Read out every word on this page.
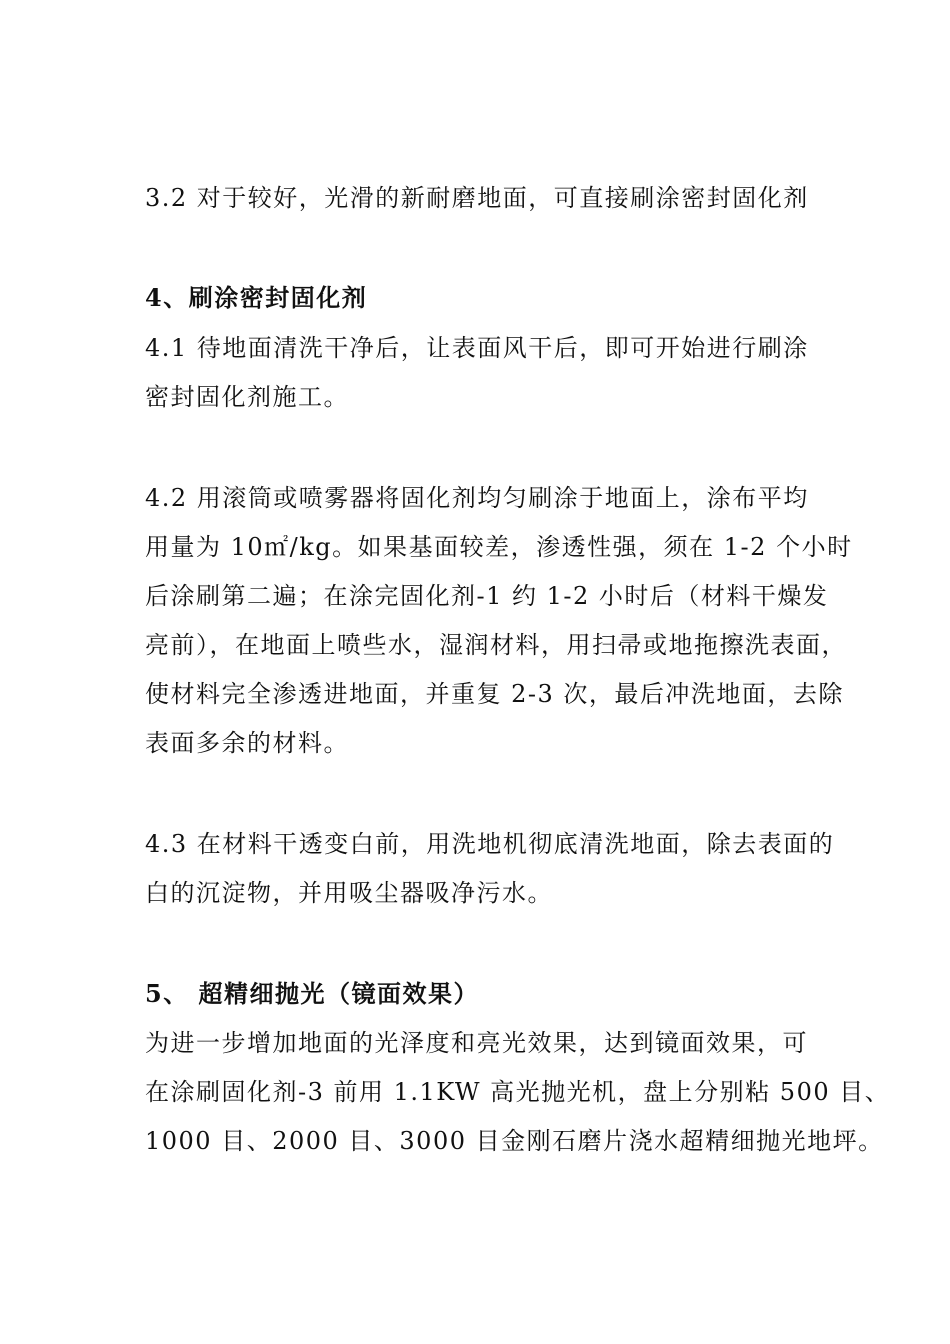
3.2 对于较好，光滑的新耐磨地面，可直接刷涂密封固化剂
4、刷涂密封固化剂
4.1 待地面清洗干净后，让表面风干后，即可开始进行刷涂
密封固化剂施工。
4.2 用滚筒或喷雾器将固化剂均匀刷涂于地面上，涂布平均
用量为 10㎡/kg。如果基面较差，渗透性强，须在 1-2 个小时
后涂刷第二遍；在涂完固化剂-1 约 1-2 小时后（材料干燥发
亮前），在地面上喷些水，湿润材料，用扫帚或地拖擦洗表面，
使材料完全渗透进地面，并重复 2-3 次，最后冲洗地面，去除
表面多余的材料。
4.3 在材料干透变白前，用洗地机彻底清洗地面，除去表面的
白的沉淀物，并用吸尘器吸净污水。
5、 超精细抛光（镜面效果）
为进一步增加地面的光泽度和亮光效果，达到镜面效果，可
在涂刷固化剂-3 前用 1.1KW 高光抛光机，盘上分别粘 500 目、
1000 目、2000 目、3000 目金刚石磨片浇水超精细抛光地坪。
